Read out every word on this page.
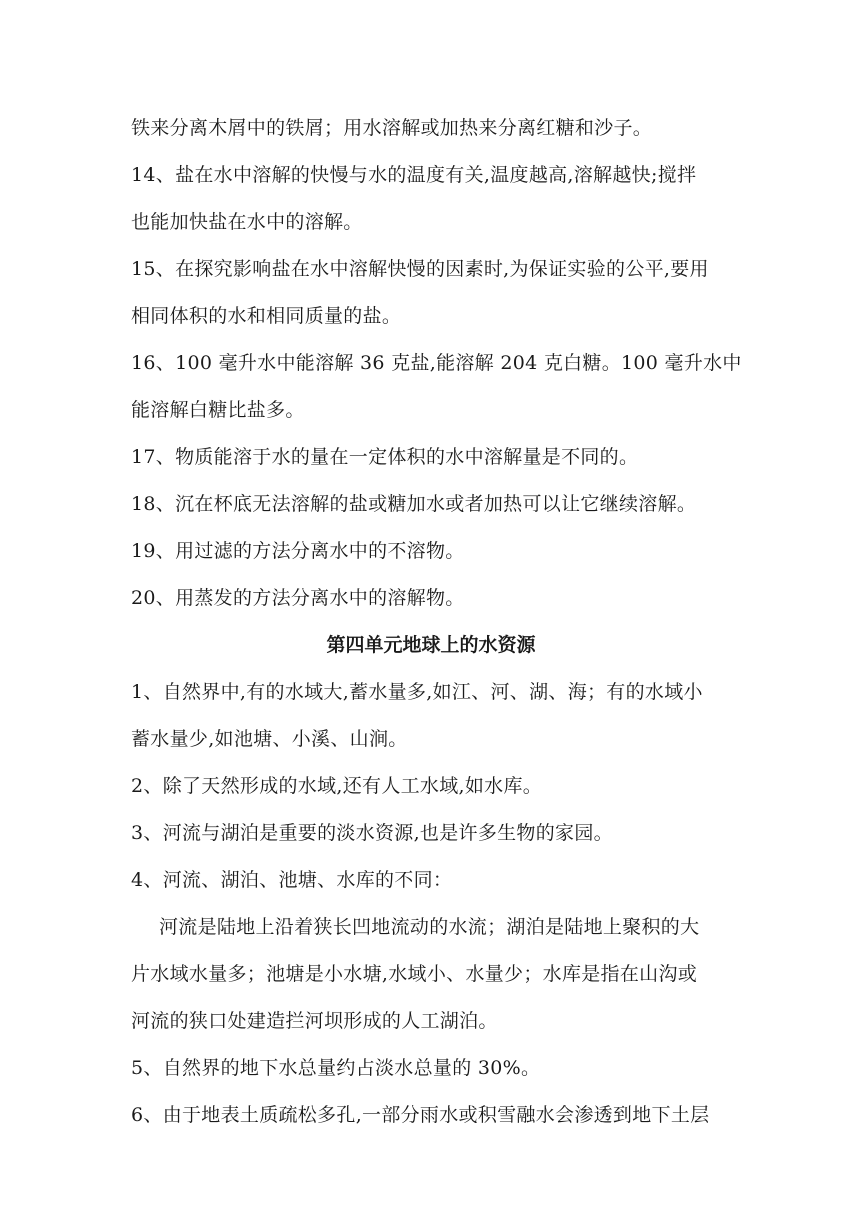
铁来分离木屑中的铁屑；用水溶解或加热来分离红糖和沙子。
14、盐在水中溶解的快慢与水的温度有关,温度越高,溶解越快;搅拌
也能加快盐在水中的溶解。
15、在探究影响盐在水中溶解快慢的因素时,为保证实验的公平,要用
相同体积的水和相同质量的盐。
16、100 毫升水中能溶解 36 克盐,能溶解 204 克白糖。100 毫升水中
能溶解白糖比盐多。
17、物质能溶于水的量在一定体积的水中溶解量是不同的。
18、沉在杯底无法溶解的盐或糖加水或者加热可以让它继续溶解。
19、用过滤的方法分离水中的不溶物。
20、用蒸发的方法分离水中的溶解物。
第四单元地球上的水资源
1、自然界中,有的水域大,蓄水量多,如江、河、湖、海；有的水域小
蓄水量少,如池塘、小溪、山涧。
2、除了天然形成的水域,还有人工水域,如水库。
3、河流与湖泊是重要的淡水资源,也是许多生物的家园。
4、河流、湖泊、池塘、水库的不同：
河流是陆地上沿着狭长凹地流动的水流；湖泊是陆地上聚积的大
片水域水量多；池塘是小水塘,水域小、水量少；水库是指在山沟或
河流的狭口处建造拦河坝形成的人工湖泊。
5、自然界的地下水总量约占淡水总量的 30%。
6、由于地表土质疏松多孔,一部分雨水或积雪融水会渗透到地下土层
